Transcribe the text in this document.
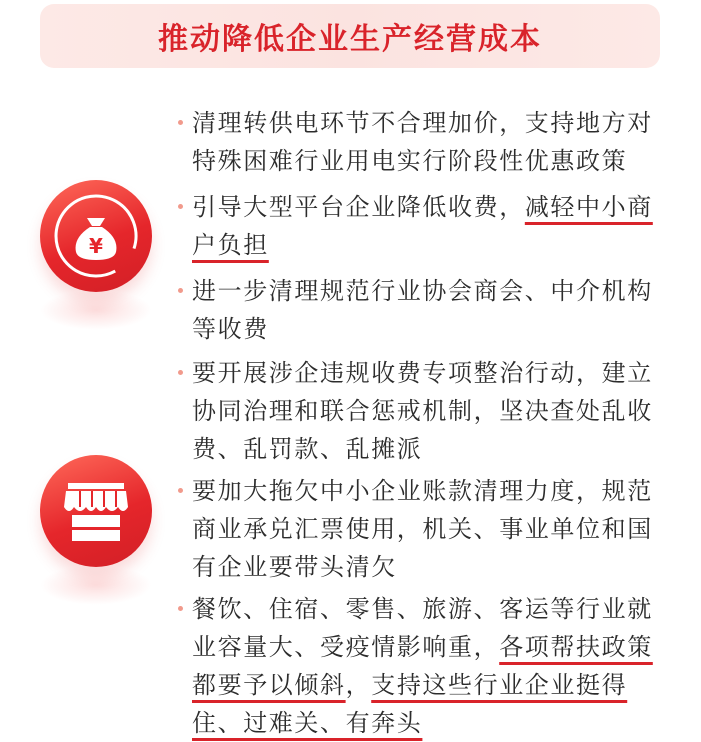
推动降低企业生产经营成本
¥
清理转供电环节不合理加价，支持地方对特殊困难行业用电实行阶段性优惠政策
引导大型平台企业降低收费，减轻中小商户负担
进一步清理规范行业协会商会、中介机构等收费
要开展涉企违规收费专项整治行动，建立协同治理和联合惩戒机制，坚决查处乱收费、乱罚款、乱摊派
要加大拖欠中小企业账款清理力度，规范商业承兑汇票使用，机关、事业单位和国有企业要带头清欠
餐饮、住宿、零售、旅游、客运等行业就业容量大、受疫情影响重，各项帮扶政策都要予以倾斜，支持这些行业企业挺得住、过难关、有奔头
